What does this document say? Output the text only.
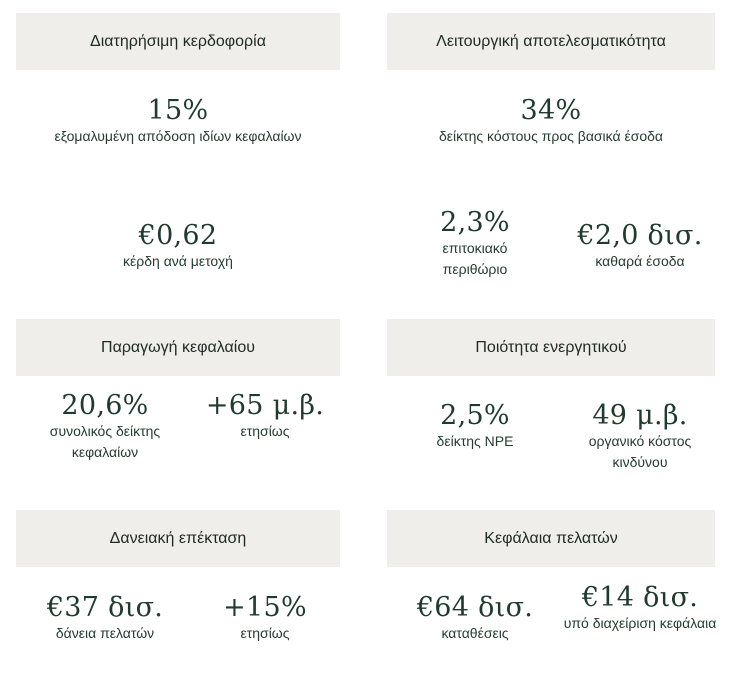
Διατηρήσιμη κερδοφορία
15%
εξομαλυμένη απόδοση ιδίων κεφαλαίων
€0,62
κέρδη ανά μετοχή
Λειτουργική αποτελεσματικότητα
34%
δείκτης κόστους προς βασικά έσοδα
2,3%
επιτοκιακό περιθώριο
€2,0 δισ.
καθαρά έσοδα
Παραγωγή κεφαλαίου
20,6%
συνολικός δείκτης κεφαλαίων
+65 μ.β.
ετησίως
Ποιότητα ενεργητικού
2,5%
δείκτης NPE
49 μ.β.
οργανικό κόστος κινδύνου
Δανειακή επέκταση
€37 δισ.
δάνεια πελατών
+15%
ετησίως
Κεφάλαια πελατών
€64 δισ.
καταθέσεις
€14 δισ.
υπό διαχείριση κεφάλαια
